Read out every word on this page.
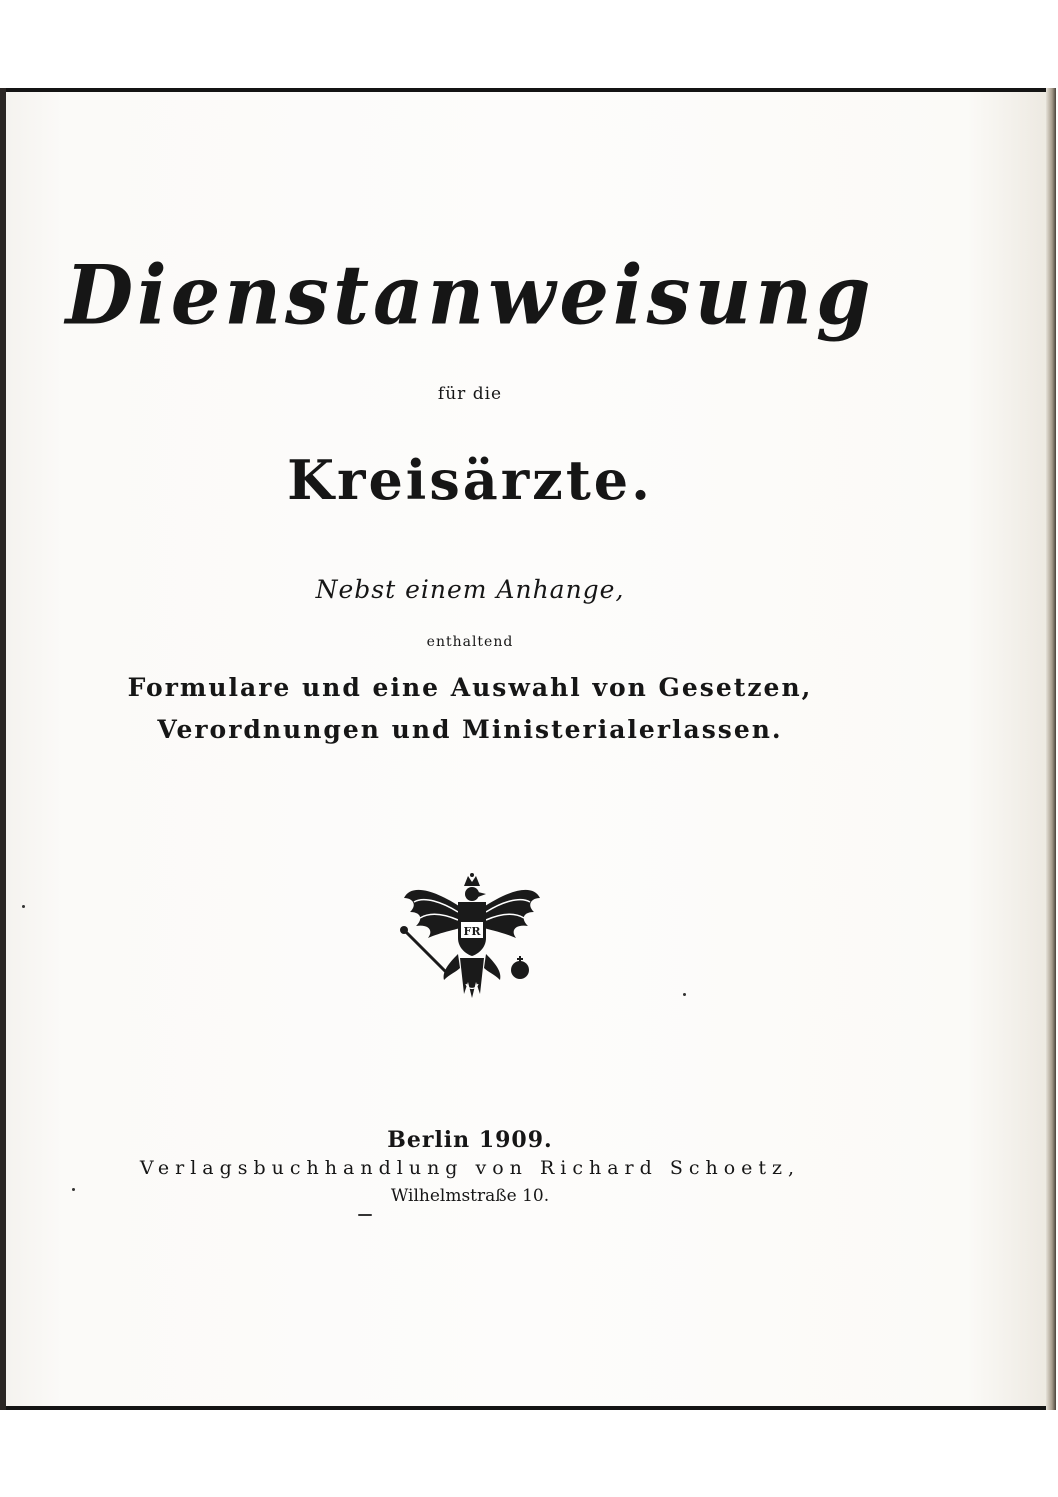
Dienstanweisung

für die

Kreisärzte.

Nebst einem Anhange,

enthaltend

Formulare und eine Auswahl von Gesetzen,

Verordnungen und Ministerialerlassen.

FR

Berlin 1909.

Verlagsbuchhandlung von Richard Schoetz,

Wilhelmstraße 10.
